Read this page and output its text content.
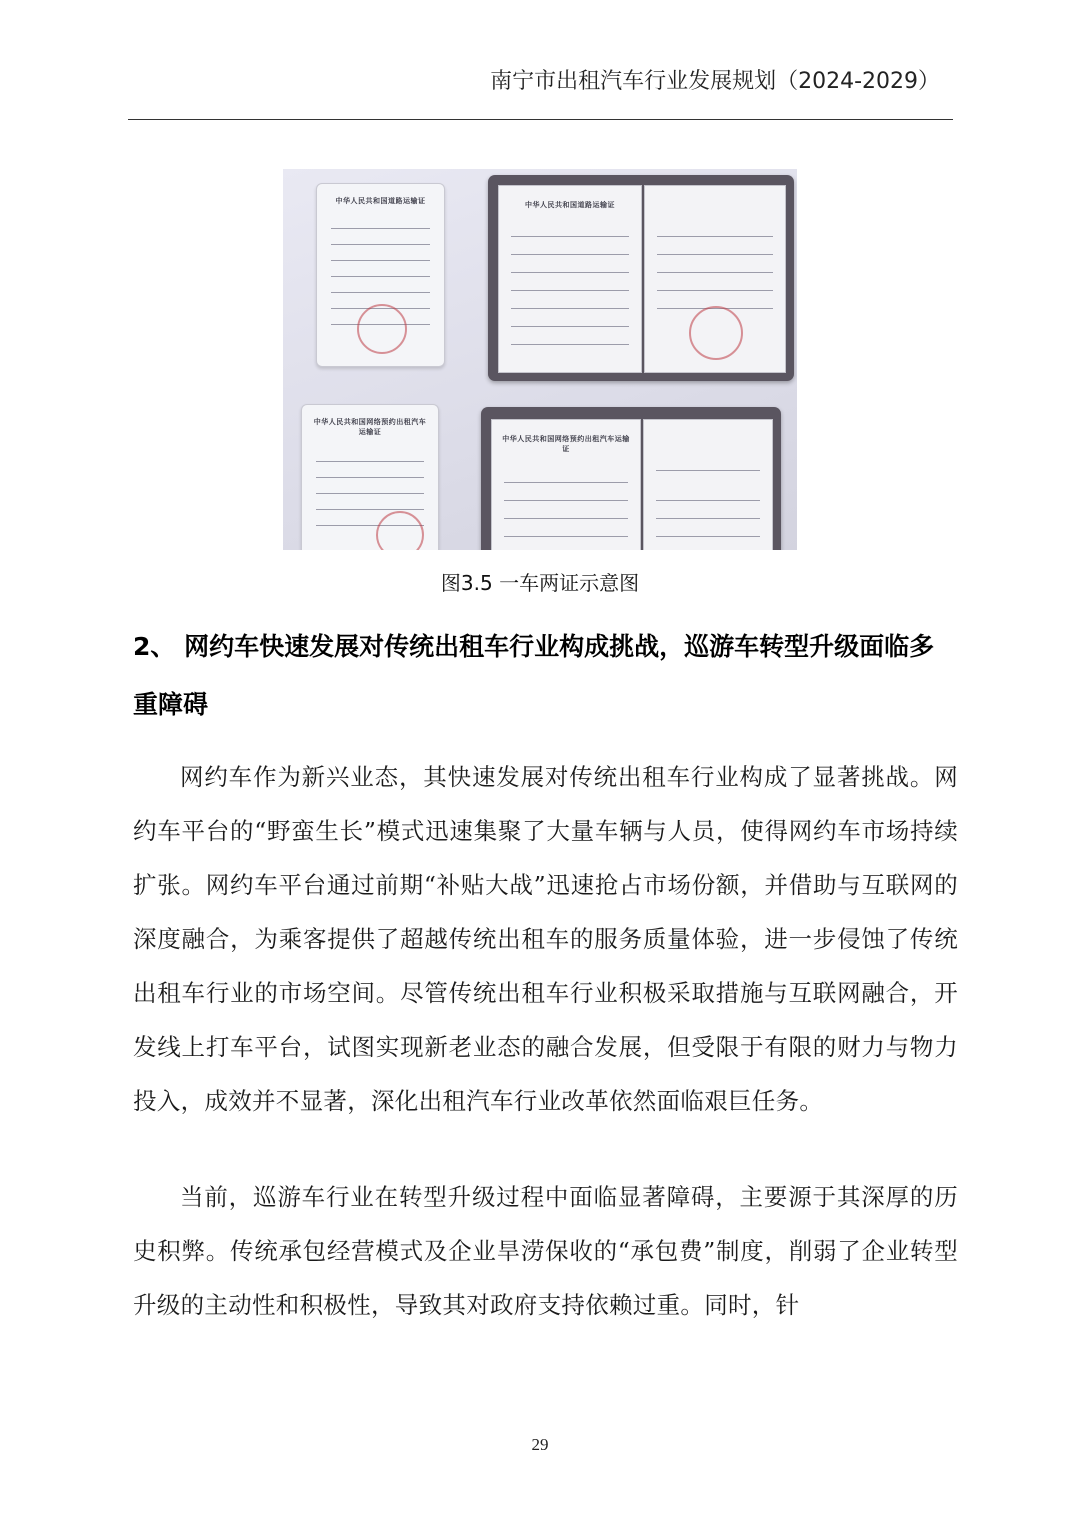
南宁市出租汽车行业发展规划（2024-2029）
中华人民共和国道路运输证	中华人民共和国道路运输证
中华人民共和国网络预约出租汽车运输证
中华人民共和国网络预约出租汽车运输证
图3.5 一车两证示意图
2、 网约车快速发展对传统出租车行业构成挑战，巡游车转型升级面临多重障碍

网约车作为新兴业态，其快速发展对传统出租车行业构成了显著挑战。网约车平台的“野蛮生长”模式迅速集聚了大量车辆与人员，使得网约车市场持续扩张。网约车平台通过前期“补贴大战”迅速抢占市场份额，并借助与互联网的深度融合，为乘客提供了超越传统出租车的服务质量体验，进一步侵蚀了传统出租车行业的市场空间。尽管传统出租车行业积极采取措施与互联网融合，开发线上打车平台，试图实现新老业态的融合发展，但受限于有限的财力与物力投入，成效并不显著，深化出租汽车行业改革依然面临艰巨任务。

当前，巡游车行业在转型升级过程中面临显著障碍，主要源于其深厚的历史积弊。传统承包经营模式及企业旱涝保收的“承包费”制度，削弱了企业转型升级的主动性和积极性，导致其对政府支持依赖过重。同时，针

29
